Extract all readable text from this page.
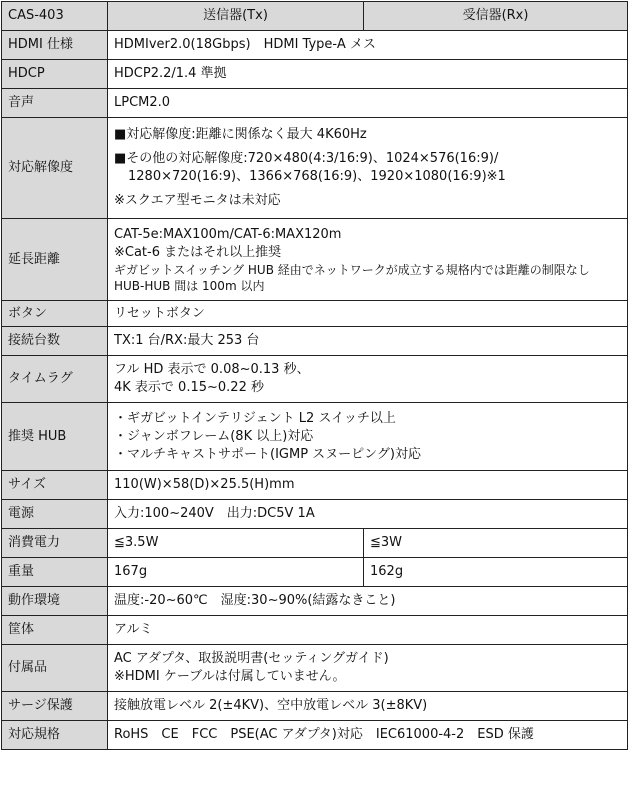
CAS-403	送信器(Tx)	受信器(Rx)
HDMI 仕様	HDMIver2.0(18Gbps)　HDMI Type-A メス	
HDCP	HDCP2.2/1.4 準拠	
音声	LPCM2.0	
対応解像度	■対応解像度:距離に関係なく最大 4K60Hz
■その他の対応解像度:720×480(4:3/16:9)、1024×576(16:9)/
1280×720(16:9)、1366×768(16:9)、1920×1080(16:9)※1
※スクエア型モニタは未対応	

延長距離	CAT-5e:MAX100m/CAT-6:MAX120m
※Cat-6 またはそれ以上推奨
ギガビットスイッチング HUB 経由でネットワークが成立する規格内では距離の制限なし
HUB-HUB 間は 100m 以内	

ボタン	リセットボタン	
接続台数	TX:1 台/RX:最大 253 台	
タイムラグ	フル HD 表示で 0.08~0.13 秒、
4K 表示で 0.15~0.22 秒	

推奨 HUB	・ギガビットインテリジェント L2 スイッチ以上
・ジャンボフレーム(8K 以上)対応
・マルチキャストサポート(IGMP スヌーピング)対応	

サイズ	110(W)×58(D)×25.5(H)mm	
電源	入力:100~240V　出力:DC5V 1A	
消費電力	≦3.5W	≦3W
重量	167g	162g
動作環境	温度:-20~60℃　湿度:30~90%(結露なきこと)	
筐体	アルミ	
付属品	AC アダプタ、取扱説明書(セッティングガイド)
※HDMI ケーブルは付属していません。	

サージ保護	接触放電レベル 2(±4KV)、空中放電レベル 3(±8KV)	
対応規格	RoHS　CE　FCC　PSE(AC アダプタ)対応　IEC61000-4-2　ESD 保護	
